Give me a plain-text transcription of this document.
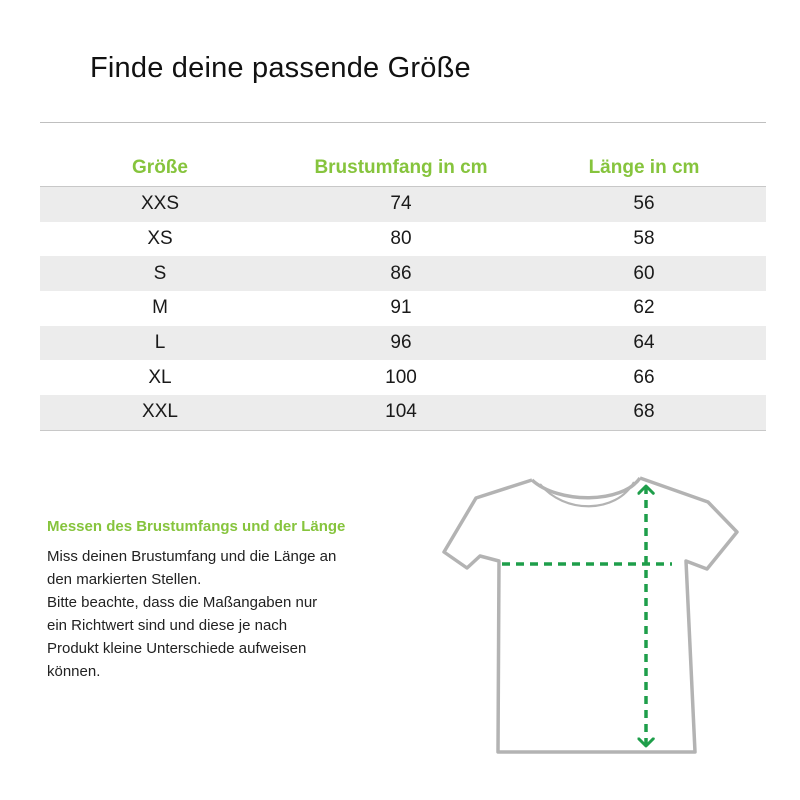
Finde deine passende Größe
Größe	Brustumfang in cm	Länge in cm
XXS	74	56
XS	80	58
S	86	60
M	91	62
L	96	64
XL	100	66
XXL	104	68
Messen des Brustumfangs und der Länge

Miss deinen Brustumfang und die Länge an
den markierten Stellen.
Bitte beachte, dass die Maßangaben nur
ein Richtwert sind und diese je nach
Produkt kleine Unterschiede aufweisen
können.
